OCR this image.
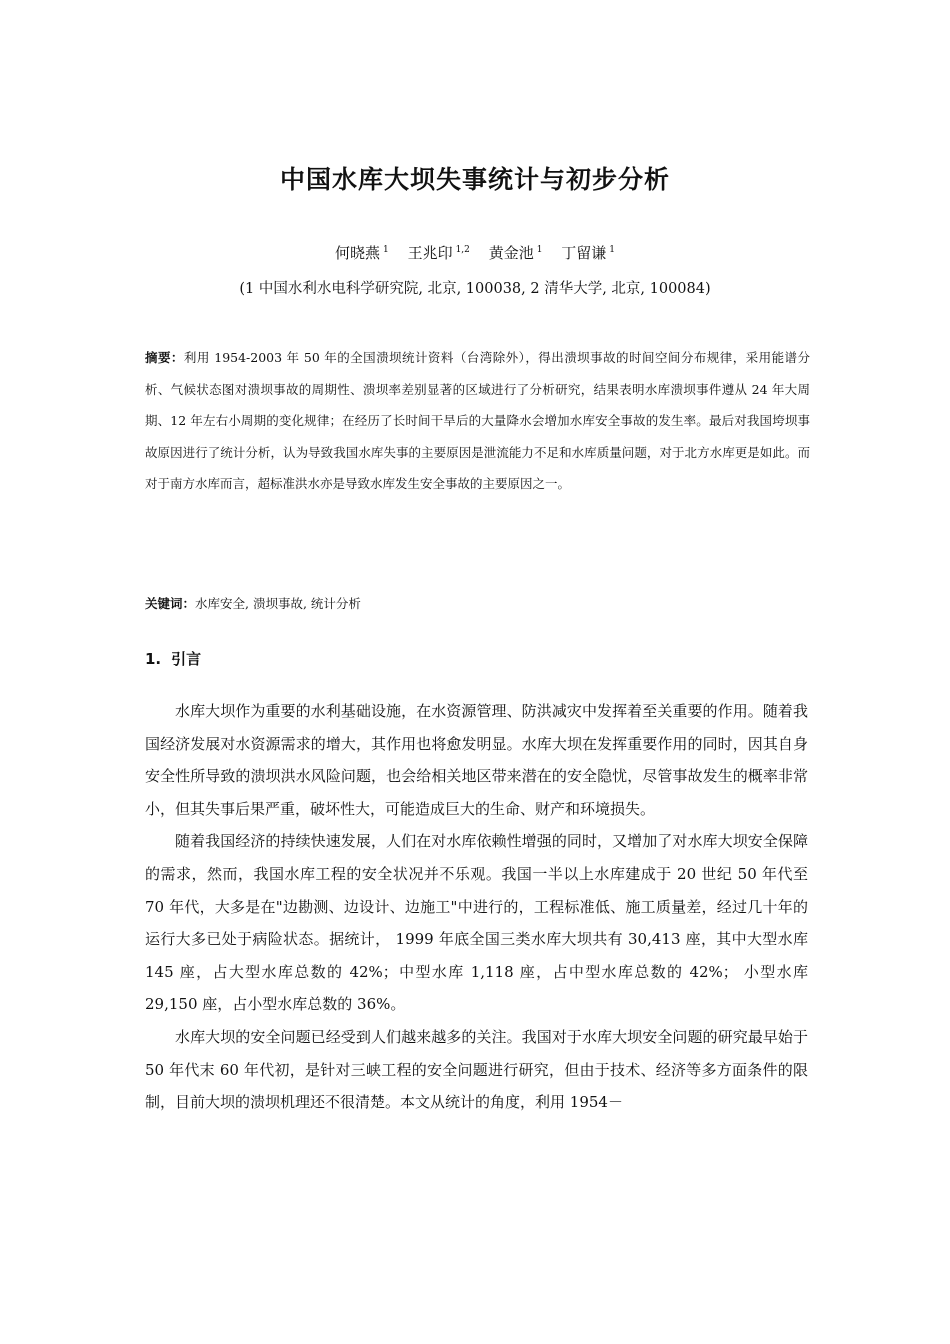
中国水库大坝失事统计与初步分析
何晓燕 $^1$ 王兆印 $^{1,2}$ 黄金池 $^1$ 丁留谦 $^1$
(1 中国水利水电科学研究院, 北京, 100038, 2 清华大学, 北京, 100084)
摘要：利用 1954-2003 年 50 年的全国溃坝统计资料（台湾除外），得出溃坝事故的时间空间分布规律，采用能谱分析、气候状态图对溃坝事故的周期性、溃坝率差别显著的区域进行了分析研究，结果表明水库溃坝事件遵从 24 年大周期、12 年左右小周期的变化规律；在经历了长时间干旱后的大量降水会增加水库安全事故的发生率。最后对我国垮坝事故原因进行了统计分析，认为导致我国水库失事的主要原因是泄流能力不足和水库质量问题，对于北方水库更是如此。而对于南方水库而言，超标准洪水亦是导致水库发生安全事故的主要原因之一。
关键词：水库安全, 溃坝事故, 统计分析
1. 引言

水库大坝作为重要的水利基础设施，在水资源管理、防洪减灾中发挥着至关重要的作用。随着我国经济发展对水资源需求的增大，其作用也将愈发明显。水库大坝在发挥重要作用的同时，因其自身安全性所导致的溃坝洪水风险问题，也会给相关地区带来潜在的安全隐忧，尽管事故发生的概率非常小，但其失事后果严重，破坏性大，可能造成巨大的生命、财产和环境损失。

随着我国经济的持续快速发展，人们在对水库依赖性增强的同时，又增加了对水库大坝安全保障的需求，然而，我国水库工程的安全状况并不乐观。我国一半以上水库建成于 20 世纪 50 年代至 70 年代，大多是在"边勘测、边设计、边施工"中进行的，工程标准低、施工质量差，经过几十年的运行大多已处于病险状态。据统计， 1999 年底全国三类水库大坝共有 30,413 座，其中大型水库 145 座，占大型水库总数的 42%；中型水库 1,118 座，占中型水库总数的 42%； 小型水库 29,150 座，占小型水库总数的 36%。

水库大坝的安全问题已经受到人们越来越多的关注。我国对于水库大坝安全问题的研究最早始于 50 年代末 60 年代初，是针对三峡工程的安全问题进行研究，但由于技术、经济等多方面条件的限制，目前大坝的溃坝机理还不很清楚。本文从统计的角度，利用 1954－
